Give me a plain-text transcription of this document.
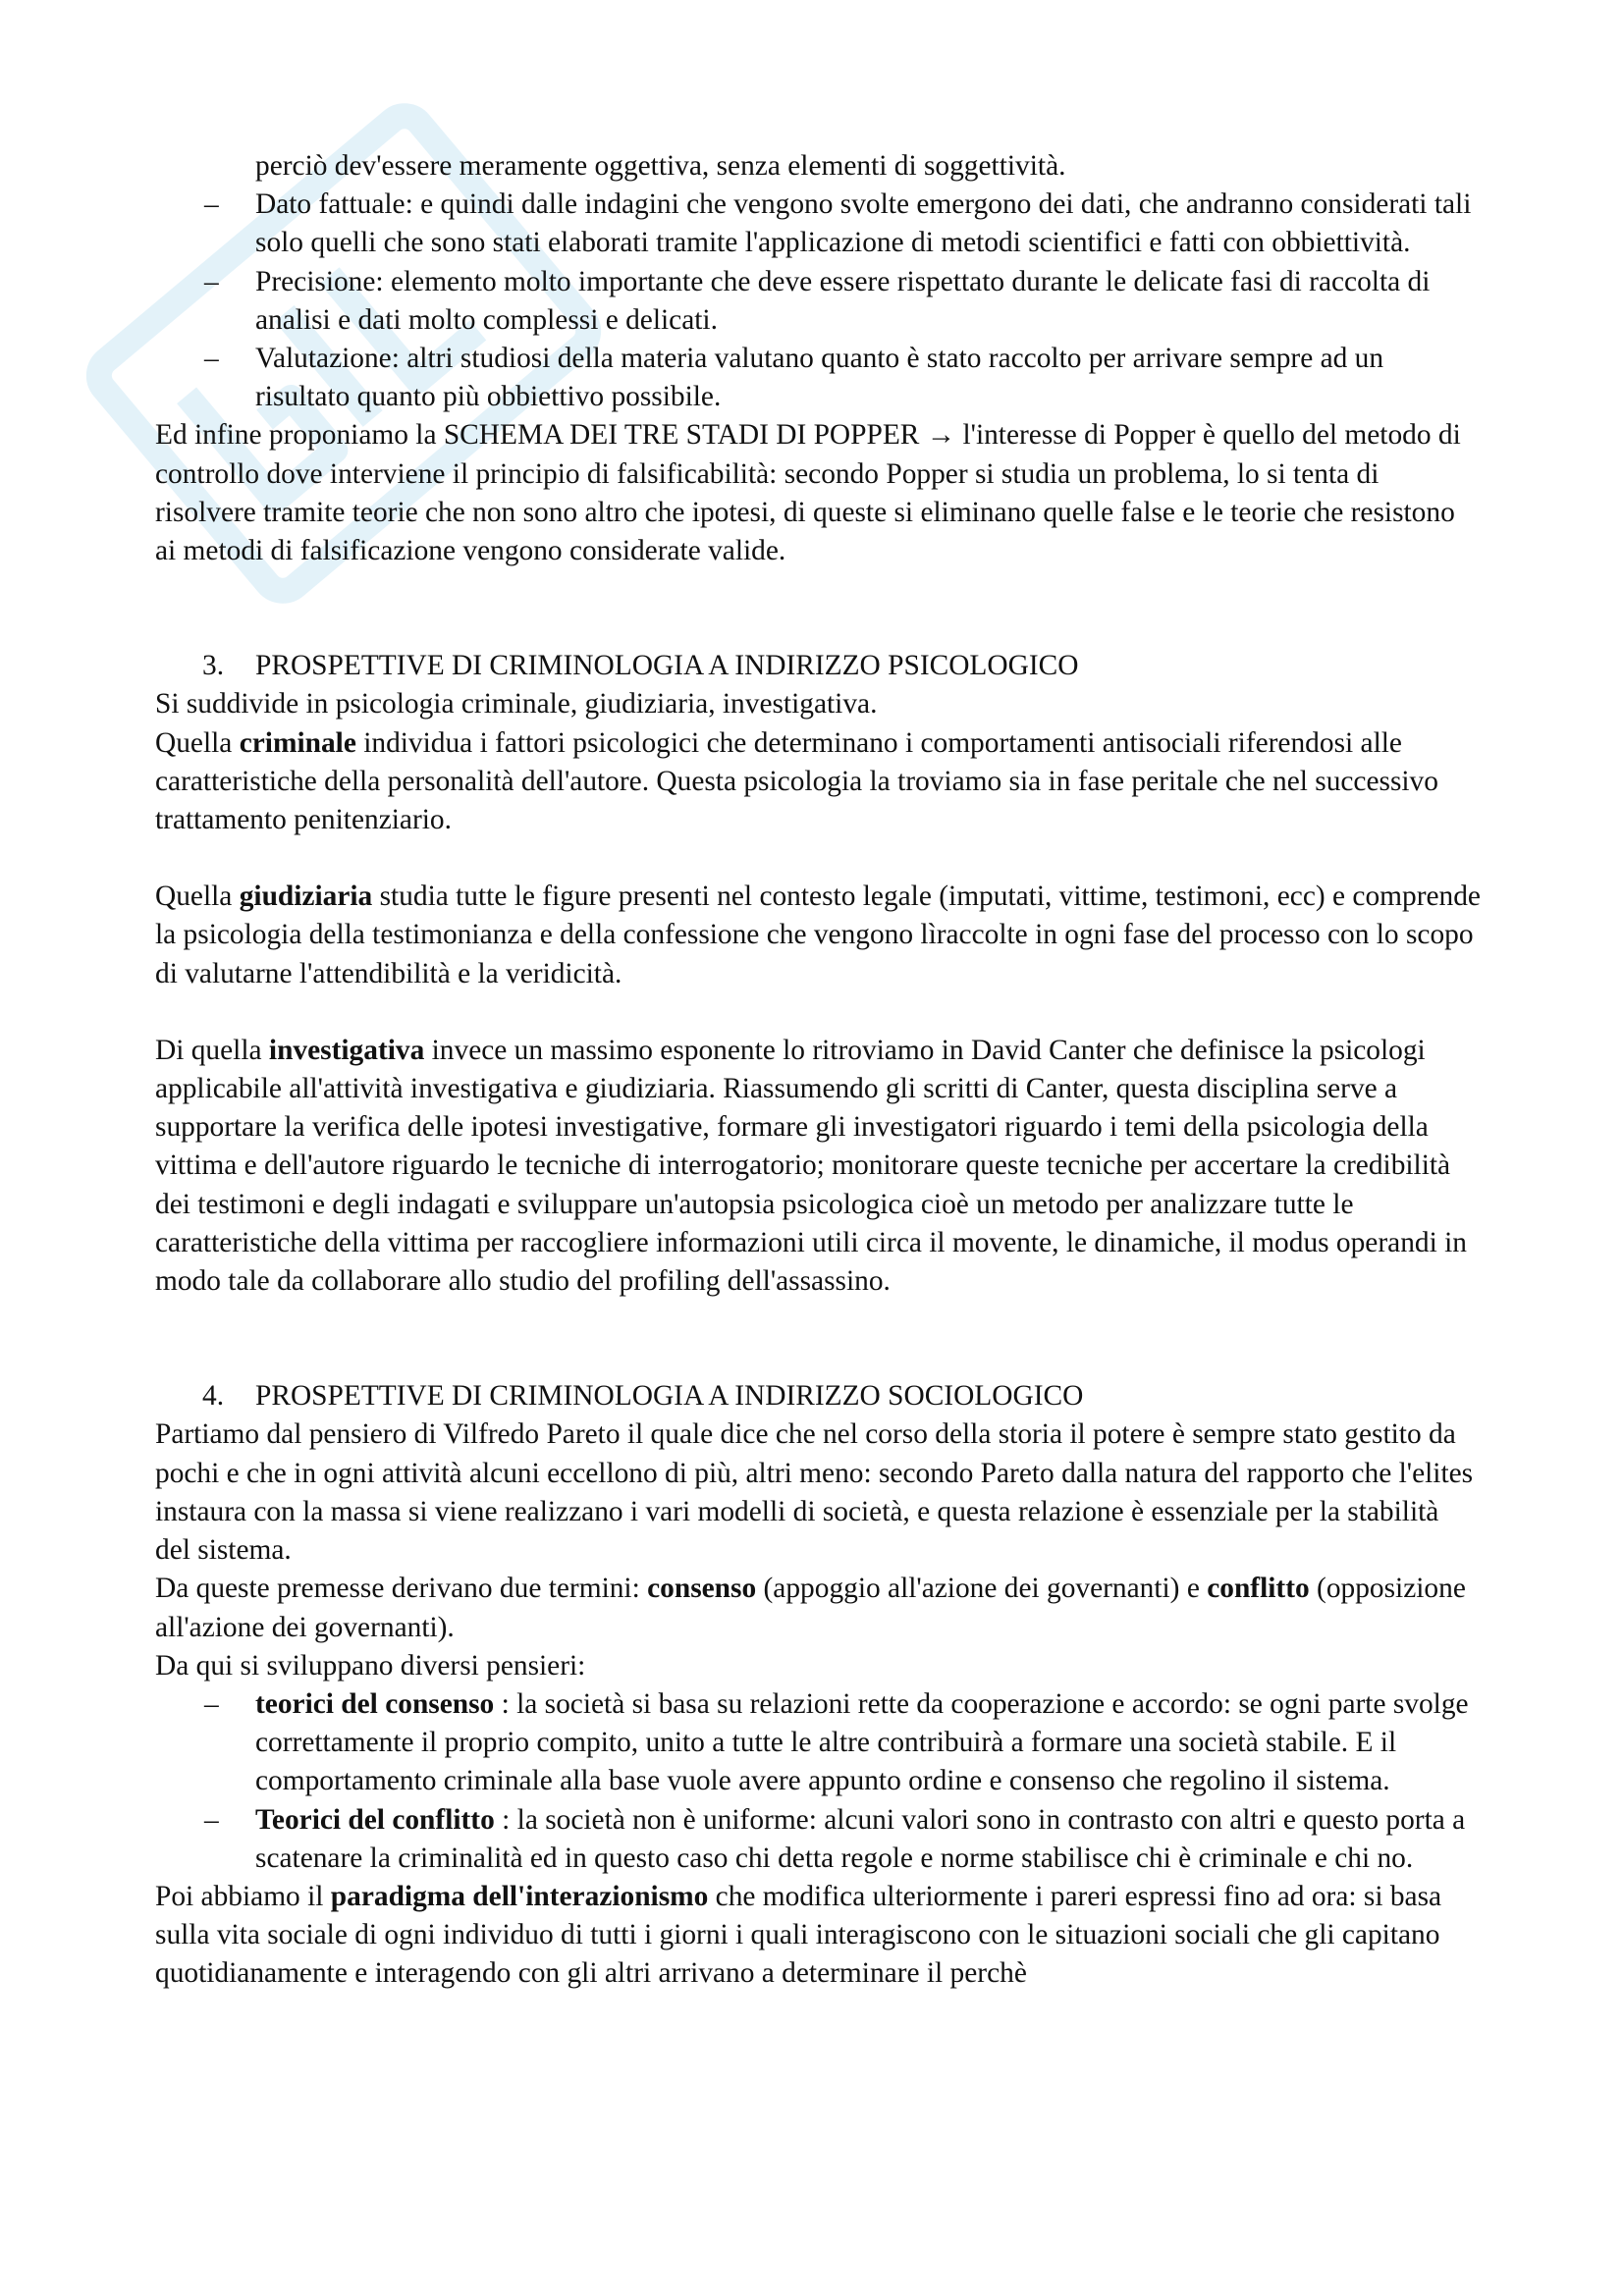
perciò dev'essere meramente oggettiva, senza elementi di soggettività.
– Dato fattuale: e quindi dalle indagini che vengono svolte emergono dei dati, che andranno considerati tali solo quelli che sono stati elaborati tramite l'applicazione di metodi scientifici e fatti con obbiettività.
– Precisione: elemento molto importante che deve essere rispettato durante le delicate fasi di raccolta di analisi e dati molto complessi e delicati.
– Valutazione: altri studiosi della materia valutano quanto è stato raccolto per arrivare sempre ad un risultato quanto più obbiettivo possibile.

Ed infine proponiamo la SCHEMA DEI TRE STADI DI POPPER → l'interesse di Popper è quello del metodo di controllo dove interviene il principio di falsificabilità: secondo Popper si studia un problema, lo si tenta di risolvere tramite teorie che non sono altro che ipotesi, di queste si eliminano quelle false e le teorie che resistono ai metodi di falsificazione vengono considerate valide.

3. PROSPETTIVE DI CRIMINOLOGIA A INDIRIZZO PSICOLOGICO

Si suddivide in psicologia criminale, giudiziaria, investigativa.

Quella criminale individua i fattori psicologici che determinano i comportamenti antisociali riferendosi alle caratteristiche della personalità dell'autore. Questa psicologia la troviamo sia in fase peritale che nel successivo trattamento penitenziario.

Quella giudiziaria studia tutte le figure presenti nel contesto legale (imputati, vittime, testimoni, ecc) e comprende la psicologia della testimonianza e della confessione che vengono lìraccolte in ogni fase del processo con lo scopo di valutarne l'attendibilità e la veridicità.

Di quella investigativa invece un massimo esponente lo ritroviamo in David Canter che definisce la psicologi applicabile all'attività investigativa e giudiziaria. Riassumendo gli scritti di Canter, questa disciplina serve a supportare la verifica delle ipotesi investigative, formare gli investigatori riguardo i temi della psicologia della vittima e dell'autore riguardo le tecniche di interrogatorio; monitorare queste tecniche per accertare la credibilità dei testimoni e degli indagati e sviluppare un'autopsia psicologica cioè un metodo per analizzare tutte le caratteristiche della vittima per raccogliere informazioni utili circa il movente, le dinamiche, il modus operandi in modo tale da collaborare allo studio del profiling dell'assassino.

4. PROSPETTIVE DI CRIMINOLOGIA A INDIRIZZO SOCIOLOGICO

Partiamo dal pensiero di Vilfredo Pareto il quale dice che nel corso della storia il potere è sempre stato gestito da pochi e che in ogni attività alcuni eccellono di più, altri meno: secondo Pareto dalla natura del rapporto che l'elites instaura con la massa si viene realizzano i vari modelli di società, e questa relazione è essenziale per la stabilità del sistema.

Da queste premesse derivano due termini: consenso (appoggio all'azione dei governanti) e conflitto (opposizione all'azione dei governanti).

Da qui si sviluppano diversi pensieri:

– teorici del consenso : la società si basa su relazioni rette da cooperazione e accordo: se ogni parte svolge correttamente il proprio compito, unito a tutte le altre contribuirà a formare una società stabile. E il comportamento criminale alla base vuole avere appunto ordine e consenso che regolino il sistema.
– Teorici del conflitto : la società non è uniforme: alcuni valori sono in contrasto con altri e questo porta a scatenare la criminalità ed in questo caso chi detta regole e norme stabilisce chi è criminale e chi no.

Poi abbiamo il paradigma dell'interazionismo che modifica ulteriormente i pareri espressi fino ad ora: si basa sulla vita sociale di ogni individuo di tutti i giorni i quali interagiscono con le situazioni sociali che gli capitano quotidianamente e interagendo con gli altri arrivano a determinare il perchè
